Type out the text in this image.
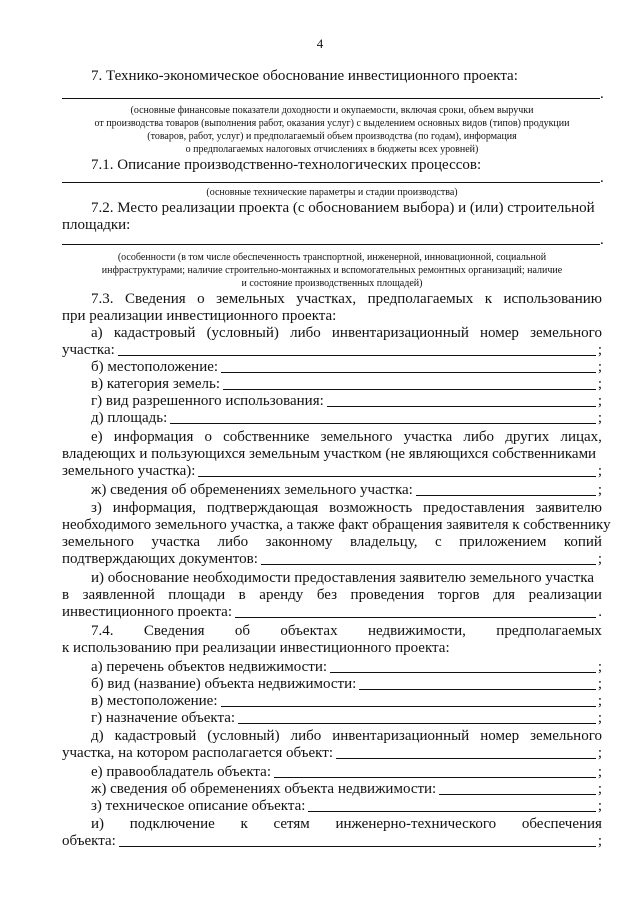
4
7. Технико-экономическое обоснование инвестиционного проекта:
.
(основные финансовые показатели доходности и окупаемости, включая сроки, объем выручки
от производства товаров (выполнения работ, оказания услуг) с выделением основных видов (типов) продукции
(товаров, работ, услуг) и предполагаемый объем производства (по годам), информация
о предполагаемых налоговых отчислениях в бюджеты всех уровней)
7.1. Описание производственно-технологических процессов:
.
(основные технические параметры и стадии производства)
7.2. Место реализации проекта (с обоснованием выбора) и (или) строительной
площадки:
.
(особенности (в том числе обеспеченность транспортной, инженерной, инновационной, социальной
инфраструктурами; наличие строительно-монтажных и вспомогательных ремонтных организаций; наличие
и состояние производственных площадей)
7.3. Сведения о земельных участках, предполагаемых к использованию
при реализации инвестиционного проекта:
а) кадастровый (условный) либо инвентаризационный номер земельного
участка:	;
б) местоположение:	;
в) категория земель:	;
г) вид разрешенного использования:	;
д) площадь:	;
е) информация о собственнике земельного участка либо других лицах,
владеющих и пользующихся земельным участком (не являющихся собственниками
земельного участка):	;
ж) сведения об обременениях земельного участка:	;
з) информация, подтверждающая возможность предоставления заявителю
необходимого земельного участка, а также факт обращения заявителя к собственнику
земельного участка либо законному владельцу, с приложением копий
подтверждающих документов:	;
и) обоснование необходимости предоставления заявителю земельного участка
в заявленной площади в аренду без проведения торгов для реализации
инвестиционного проекта:	.
7.4. Сведения об объектах недвижимости, предполагаемых
к использованию при реализации инвестиционного проекта:
а) перечень объектов недвижимости:	;
б) вид (название) объекта недвижимости:	;
в) местоположение:	;
г) назначение объекта:	;
д) кадастровый (условный) либо инвентаризационный номер земельного
участка, на котором располагается объект:	;
е) правообладатель объекта:	;
ж) сведения об обременениях объекта недвижимости:	;
з) техническое описание объекта:	;
и) подключение к сетям инженерно-технического обеспечения
объекта:	;
